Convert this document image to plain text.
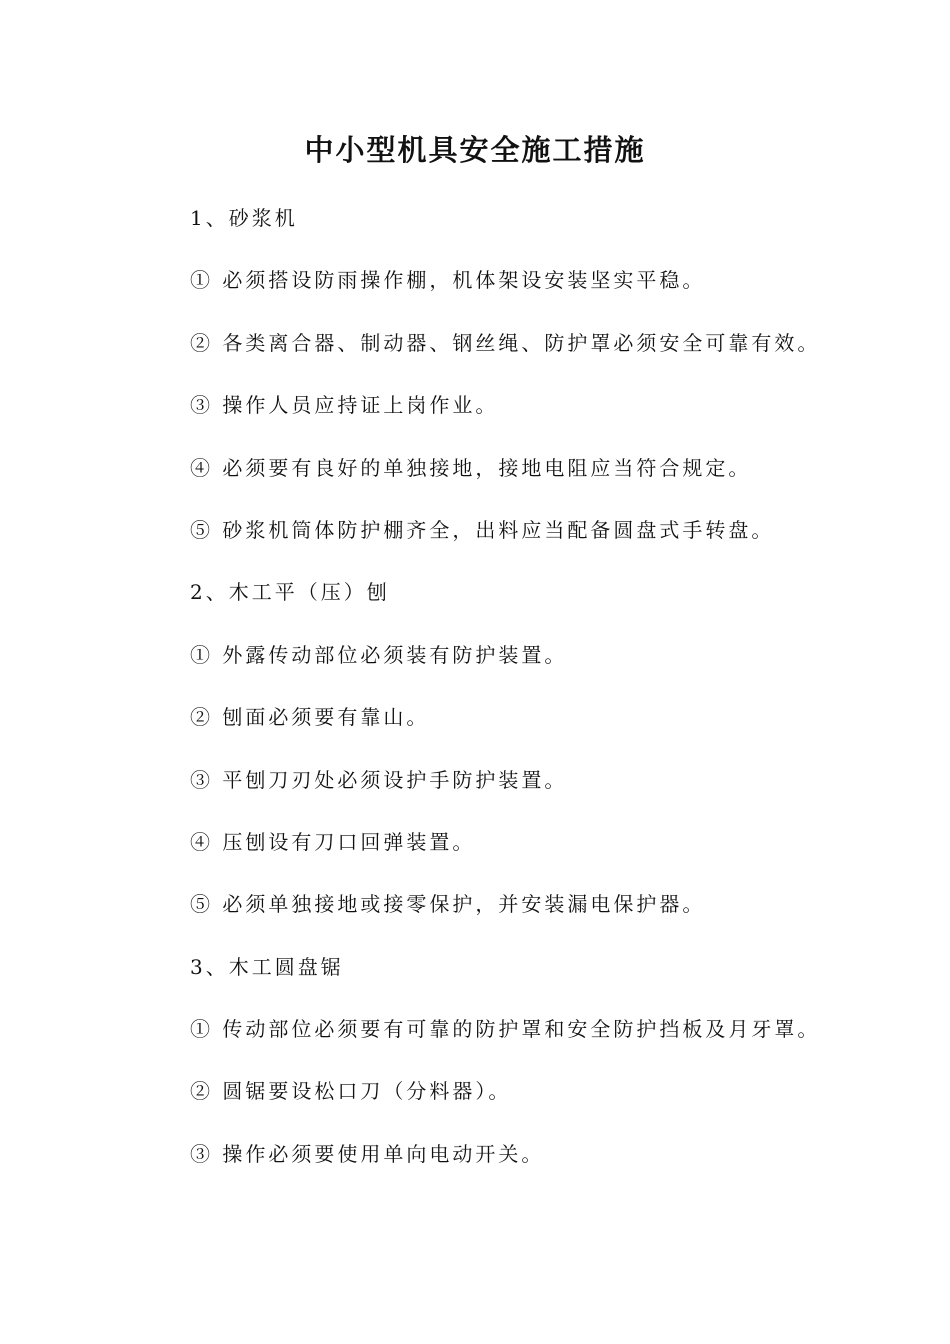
中小型机具安全施工措施
1、砂浆机
① 必须搭设防雨操作棚，机体架设安装坚实平稳。
② 各类离合器、制动器、钢丝绳、防护罩必须安全可靠有效。
③ 操作人员应持证上岗作业。
④ 必须要有良好的单独接地，接地电阻应当符合规定。
⑤ 砂浆机筒体防护棚齐全，出料应当配备圆盘式手转盘。
2、木工平（压）刨
① 外露传动部位必须装有防护装置。
② 刨面必须要有靠山。
③ 平刨刀刃处必须设护手防护装置。
④ 压刨设有刀口回弹装置。
⑤ 必须单独接地或接零保护，并安装漏电保护器。
3、木工圆盘锯
① 传动部位必须要有可靠的防护罩和安全防护挡板及月牙罩。
② 圆锯要设松口刀（分料器）。
③ 操作必须要使用单向电动开关。
